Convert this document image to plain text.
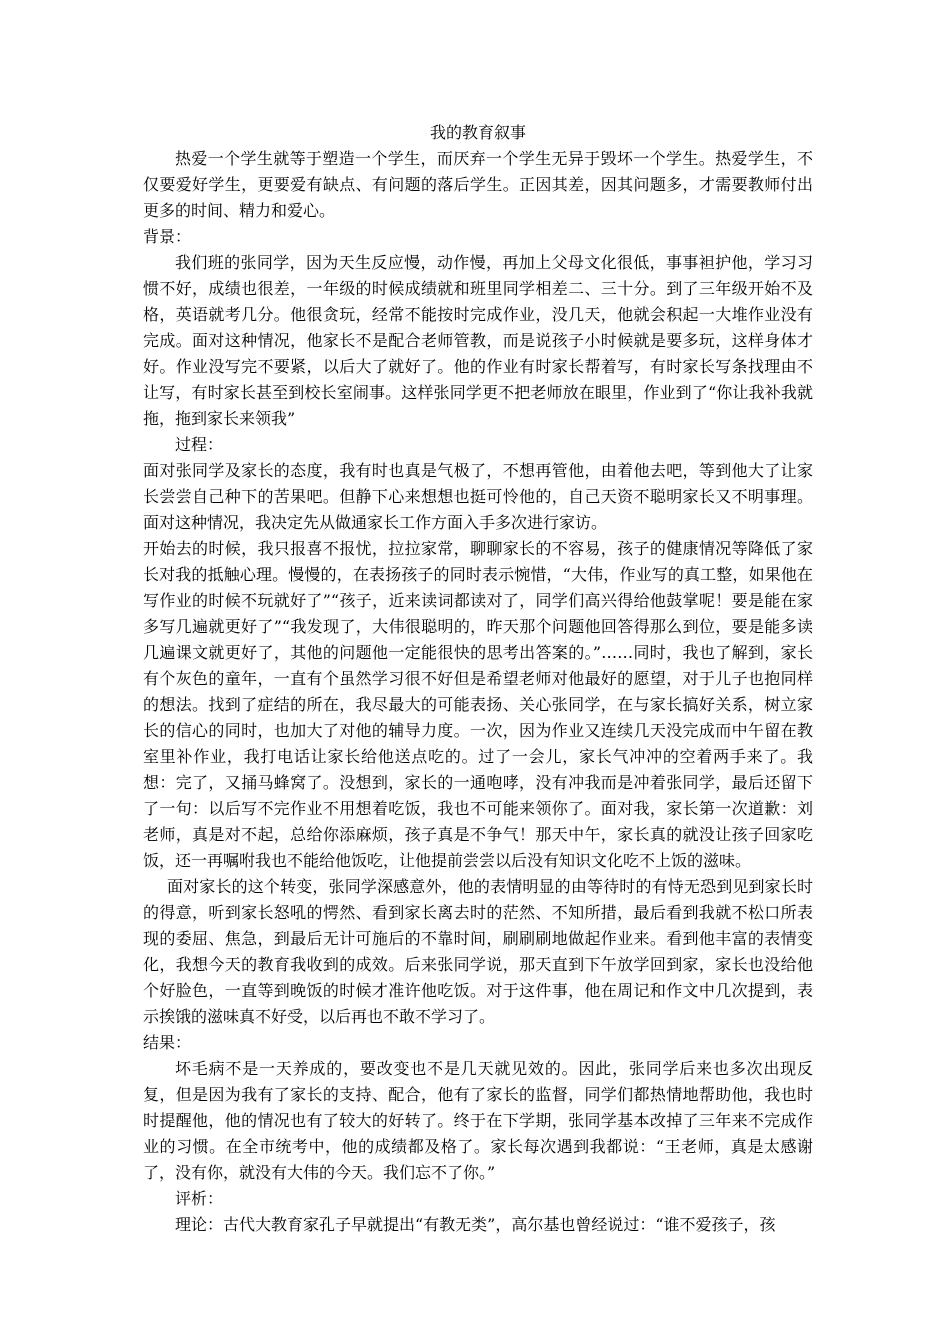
我的教育叙事

热爱一个学生就等于塑造一个学生，而厌弃一个学生无异于毁坏一个学生。热爱学生，不仅要爱好学生，更要爱有缺点、有问题的落后学生。正因其差，因其问题多，才需要教师付出更多的时间、精力和爱心。

背景：

我们班的张同学，因为天生反应慢，动作慢，再加上父母文化很低，事事袒护他，学习习惯不好，成绩也很差，一年级的时候成绩就和班里同学相差二、三十分。到了三年级开始不及格，英语就考几分。他很贪玩，经常不能按时完成作业，没几天，他就会积起一大堆作业没有完成。面对这种情况，他家长不是配合老师管教，而是说孩子小时候就是要多玩，这样身体才好。作业没写完不要紧，以后大了就好了。他的作业有时家长帮着写，有时家长写条找理由不让写，有时家长甚至到校长室闹事。这样张同学更不把老师放在眼里，作业到了“你让我补我就拖，拖到家长来领我”

过程：

面对张同学及家长的态度，我有时也真是气极了，不想再管他，由着他去吧，等到他大了让家长尝尝自己种下的苦果吧。但静下心来想想也挺可怜他的，自己天资不聪明家长又不明事理。面对这种情况，我决定先从做通家长工作方面入手多次进行家访。

开始去的时候，我只报喜不报忧，拉拉家常，聊聊家长的不容易，孩子的健康情况等降低了家长对我的抵触心理。慢慢的，在表扬孩子的同时表示惋惜，“大伟，作业写的真工整，如果他在写作业的时候不玩就好了”“孩子，近来读词都读对了，同学们高兴得给他鼓掌呢！要是能在家多写几遍就更好了”“我发现了，大伟很聪明的，昨天那个问题他回答得那么到位，要是能多读几遍课文就更好了，其他的问题他一定能很快的思考出答案的。”……同时，我也了解到，家长有个灰色的童年，一直有个虽然学习很不好但是希望老师对他最好的愿望，对于儿子也抱同样的想法。找到了症结的所在，我尽最大的可能表扬、关心张同学，在与家长搞好关系，树立家长的信心的同时，也加大了对他的辅导力度。一次，因为作业又连续几天没完成而中午留在教室里补作业，我打电话让家长给他送点吃的。过了一会儿，家长气冲冲的空着两手来了。我想：完了，又捅马蜂窝了。没想到，家长的一通咆哮，没有冲我而是冲着张同学，最后还留下了一句：以后写不完作业不用想着吃饭，我也不可能来领你了。面对我，家长第一次道歉：刘老师，真是对不起，总给你添麻烦，孩子真是不争气！那天中午，家长真的就没让孩子回家吃饭，还一再嘱咐我也不能给他饭吃，让他提前尝尝以后没有知识文化吃不上饭的滋味。

面对家长的这个转变，张同学深感意外，他的表情明显的由等待时的有恃无恐到见到家长时的得意，听到家长怒吼的愕然、看到家长离去时的茫然、不知所措，最后看到我就不松口所表现的委屈、焦急，到最后无计可施后的不靠时间，刷刷刷地做起作业来。看到他丰富的表情变化，我想今天的教育我收到的成效。后来张同学说，那天直到下午放学回到家，家长也没给他个好脸色，一直等到晚饭的时候才准许他吃饭。对于这件事，他在周记和作文中几次提到，表示挨饿的滋味真不好受，以后再也不敢不学习了。

结果：

坏毛病不是一天养成的，要改变也不是几天就见效的。因此，张同学后来也多次出现反复，但是因为我有了家长的支持、配合，他有了家长的监督，同学们都热情地帮助他，我也时时提醒他，他的情况也有了较大的好转了。终于在下学期，张同学基本改掉了三年来不完成作业的习惯。在全市统考中，他的成绩都及格了。家长每次遇到我都说：“王老师，真是太感谢了，没有你，就没有大伟的今天。我们忘不了你。”

评析：

理论：古代大教育家孔子早就提出“有教无类”，高尔基也曾经说过：“谁不爱孩子，孩
